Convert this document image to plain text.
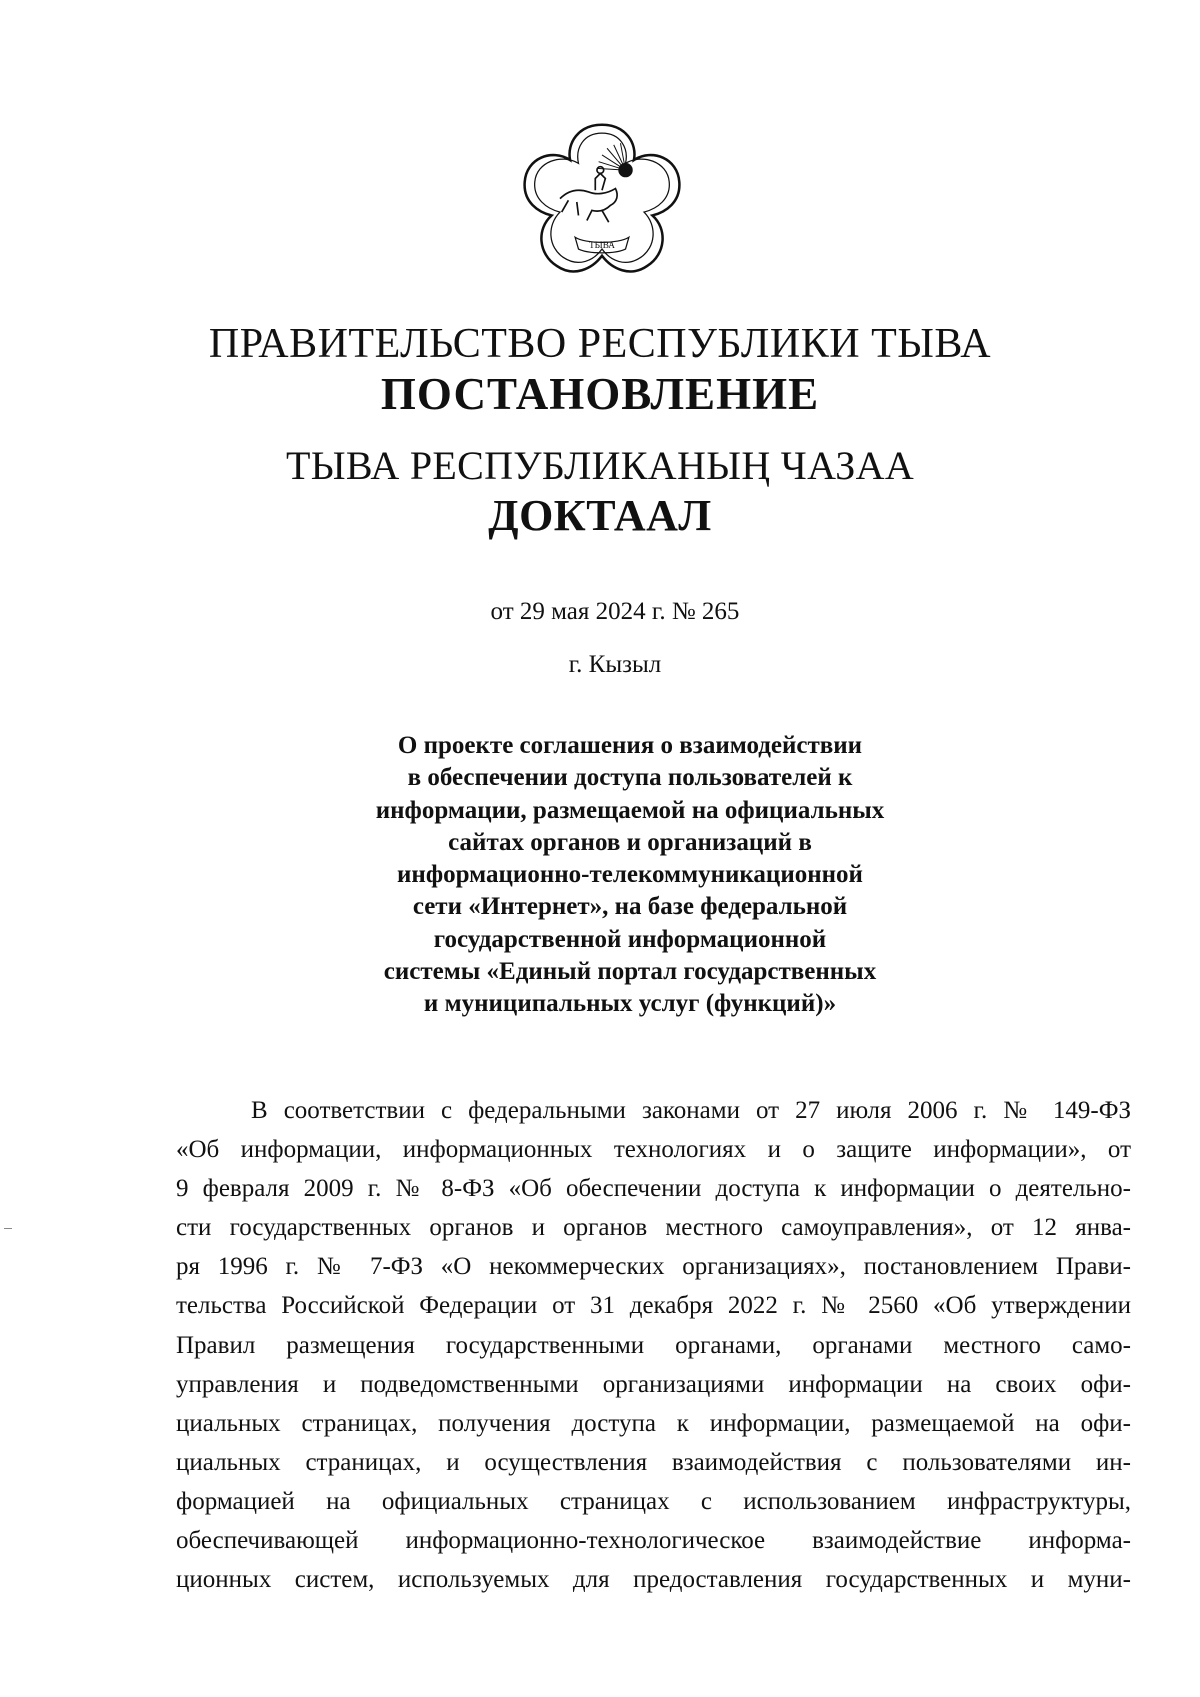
ТЫВА
ПРАВИТЕЛЬСТВО РЕСПУБЛИКИ ТЫВА
ПОСТАНОВЛЕНИЕ
ТЫВА РЕСПУБЛИКАНЫҢ ЧАЗАА
ДОКТААЛ
от 29 мая 2024 г. № 265
г. Кызыл
О проекте соглашения о взаимодействии
в обеспечении доступа пользователей к
информации, размещаемой на официальных
сайтах органов и организаций в
информационно-телекоммуникационной
сети «Интернет», на базе федеральной
государственной информационной
системы «Единый портал государственных
и муниципальных услуг (функций)»
В соответствии с федеральными законами от 27 июля 2006 г. № 149-ФЗ
«Об информации, информационных технологиях и о защите информации», от
9 февраля 2009 г. № 8-ФЗ «Об обеспечении доступа к информации о деятельно-
сти государственных органов и органов местного самоуправления», от 12 янва-
ря 1996 г. № 7-ФЗ «О некоммерческих организациях», постановлением Прави-
тельства Российской Федерации от 31 декабря 2022 г. № 2560 «Об утверждении
Правил размещения государственными органами, органами местного само-
управления и подведомственными организациями информации на своих офи-
циальных страницах, получения доступа к информации, размещаемой на офи-
циальных страницах, и осуществления взаимодействия с пользователями ин-
формацией на официальных страницах с использованием инфраструктуры,
обеспечивающей информационно-технологическое взаимодействие информа-
ционных систем, используемых для предоставления государственных и муни-
